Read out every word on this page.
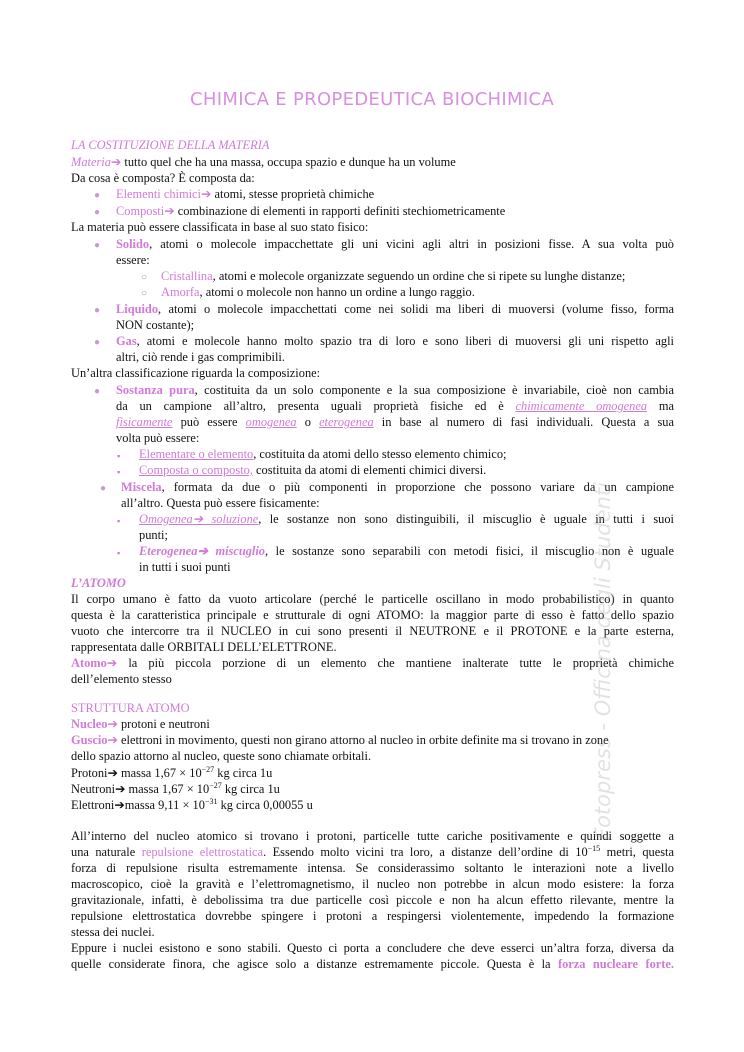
CHIMICA E PROPEDEUTICA BIOCHIMICA
LA COSTITUZIONE DELLA MATERIA
Materia➔ tutto quel che ha una massa, occupa spazio e dunque ha un volume
Da cosa è composta? È composta da:
● Elementi chimici➔ atomi, stesse proprietà chimiche
● Composti➔ combinazione di elementi in rapporti definiti stechiometricamente
La materia può essere classificata in base al suo stato fisico:
● Solido, atomi o molecole impacchettate gli uni vicini agli altri in posizioni fisse. A sua volta può
essere:
○ Cristallina, atomi e molecole organizzate seguendo un ordine che si ripete su lunghe distanze;
○ Amorfa, atomi o molecole non hanno un ordine a lungo raggio.
● Liquido, atomi o molecole impacchettati come nei solidi ma liberi di muoversi (volume fisso, forma
NON costante);
● Gas, atomi e molecole hanno molto spazio tra di loro e sono liberi di muoversi gli uni rispetto agli
altri, ciò rende i gas comprimibili.
Un’altra classificazione riguarda la composizione:
● Sostanza pura, costituita da un solo componente e la sua composizione è invariabile, cioè non cambia
da un campione all’altro, presenta uguali proprietà fisiche ed è chimicamente omogenea ma
fisicamente può essere omogenea o eterogenea in base al numero di fasi individuali. Questa a sua
volta può essere:
▪ Elementare o elemento, costituita da atomi dello stesso elemento chimico;
▪ Composta o composto, costituita da atomi di elementi chimici diversi.
● Miscela, formata da due o più componenti in proporzione che possono variare da un campione
all’altro. Questa può essere fisicamente:
▪ Omogenea➔ soluzione, le sostanze non sono distinguibili, il miscuglio è uguale in tutti i suoi
punti;
▪ Eterogenea➔ miscuglio, le sostanze sono separabili con metodi fisici, il miscuglio non è uguale
in tutti i suoi punti
L’ATOMO
Il corpo umano è fatto da vuoto articolare (perché le particelle oscillano in modo probabilistico) in quanto
questa è la caratteristica principale e strutturale di ogni ATOMO: la maggior parte di esso è fatto dello spazio
vuoto che intercorre tra il NUCLEO in cui sono presenti il NEUTRONE e il PROTONE e la parte esterna,
rappresentata dalle ORBITALI DELL’ELETTRONE.
Atomo➔ la più piccola porzione di un elemento che mantiene inalterate tutte le proprietà chimiche
dell’elemento stesso
STRUTTURA ATOMO
Nucleo➔ protoni e neutroni
Guscio➔ elettroni in movimento, questi non girano attorno al nucleo in orbite definite ma si trovano in zone
dello spazio attorno al nucleo, queste sono chiamate orbitali.
Protoni➔ massa $1,67 \times 10^{-27}$ kg circa 1u
Neutroni➔ massa $1,67 \times 10^{-27}$ kg circa 1u
Elettroni➔massa $9,11 \times 10^{-31}$ kg circa 0,00055 u
All’interno del nucleo atomico si trovano i protoni, particelle tutte cariche positivamente e quindi soggette a
una naturale repulsione elettrostatica. Essendo molto vicini tra loro, a distanze dell’ordine di $10^{-15}$ metri, questa
forza di repulsione risulta estremamente intensa. Se considerassimo soltanto le interazioni note a livello
macroscopico, cioè la gravità e l’elettromagnetismo, il nucleo non potrebbe in alcun modo esistere: la forza
gravitazionale, infatti, è debolissima tra due particelle così piccole e non ha alcun effetto rilevante, mentre la
repulsione elettrostatica dovrebbe spingere i protoni a respingersi violentemente, impedendo la formazione
stessa dei nuclei.
Eppure i nuclei esistono e sono stabili. Questo ci porta a concludere che deve esserci un’altra forza, diversa da
quelle considerate finora, che agisce solo a distanze estremamente piccole. Questa è la forza nucleare forte.
Fotopress - Officina degli Studenti
